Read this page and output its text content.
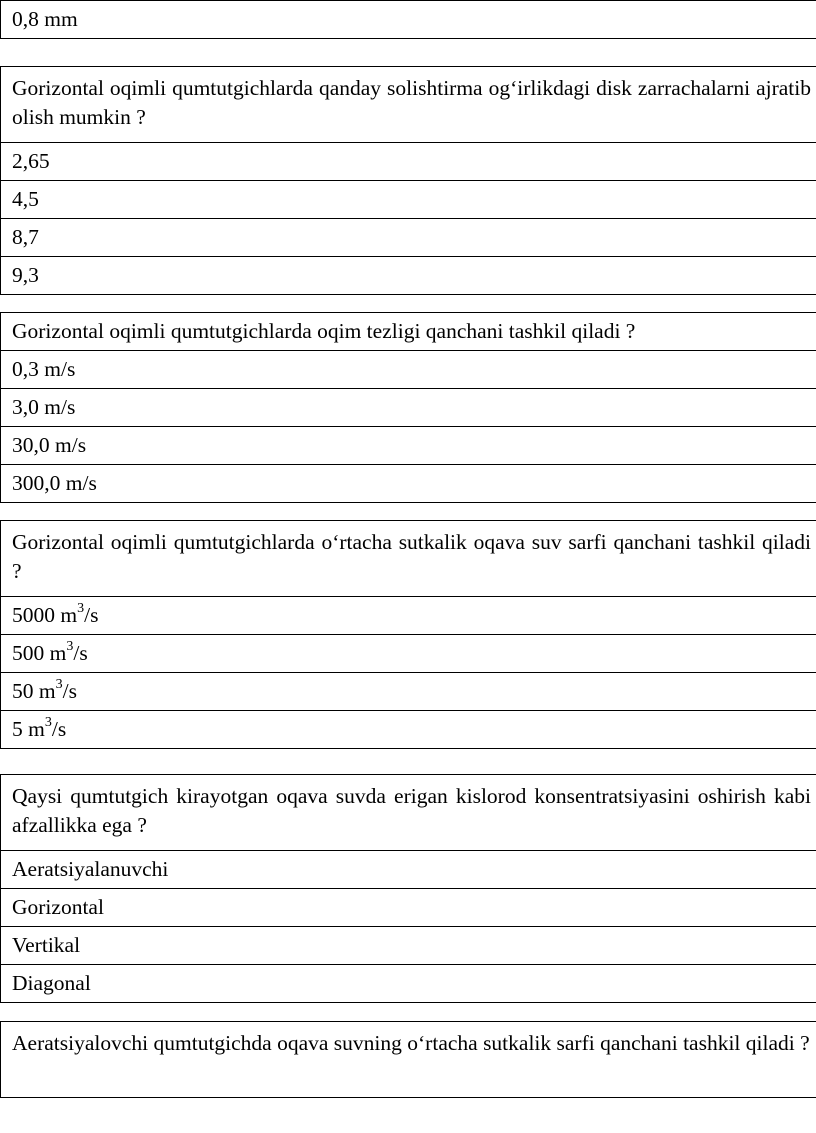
0,8 mm
Gorizontal oqimli qumtutgichlarda qanday solishtirma og‘irlikdagi disk zarrachalarni ajratib olish mumkin ?
2,65
4,5
8,7
9,3
Gorizontal oqimli qumtutgichlarda oqim tezligi qanchani tashkil qiladi ?
0,3 m/s
3,0 m/s
30,0 m/s
300,0 m/s
Gorizontal oqimli qumtutgichlarda o‘rtacha sutkalik oqava suv sarfi qanchani tashkil qiladi ?
5000 $m^3/s$
500 $m^3/s$
50 $m^3/s$
5 $m^3/s$
Qaysi qumtutgich kirayotgan oqava suvda erigan kislorod konsentratsiyasini oshirish kabi afzallikka ega ?
Aeratsiyalanuvchi
Gorizontal
Vertikal
Diagonal
Aeratsiyalovchi qumtutgichda oqava suvning o‘rtacha sutkalik sarfi qanchani tashkil qiladi ?
